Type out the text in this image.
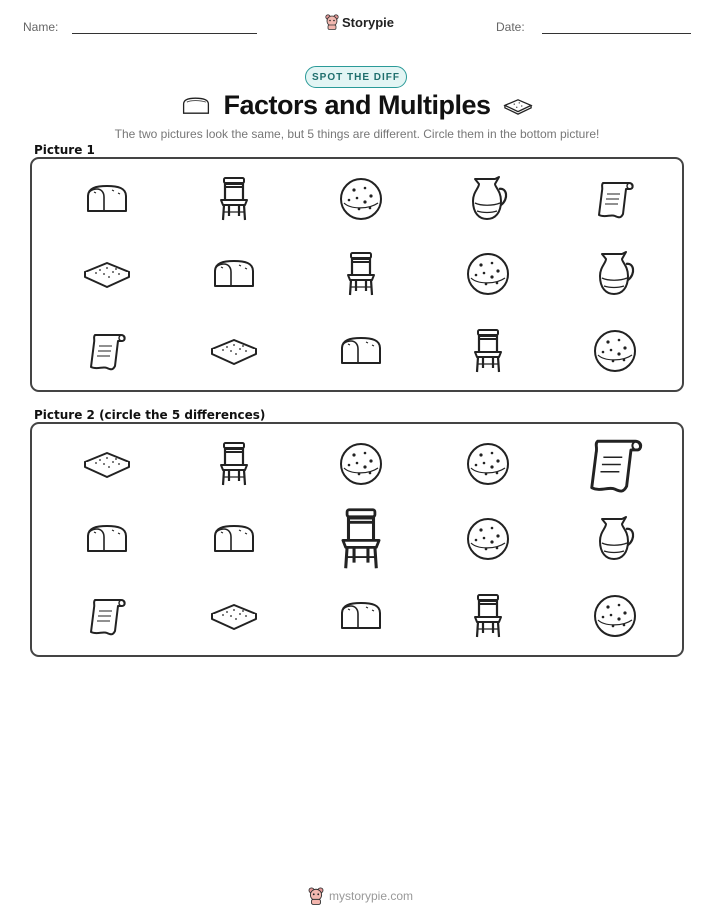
Name:	Storypie	Date:
SPOT THE DIFF
Factors and Multiples
The two pictures look the same, but 5 things are different. Circle them in the bottom picture!
Picture 1
Picture 2 (circle the 5 differences)
mystorypie.com
